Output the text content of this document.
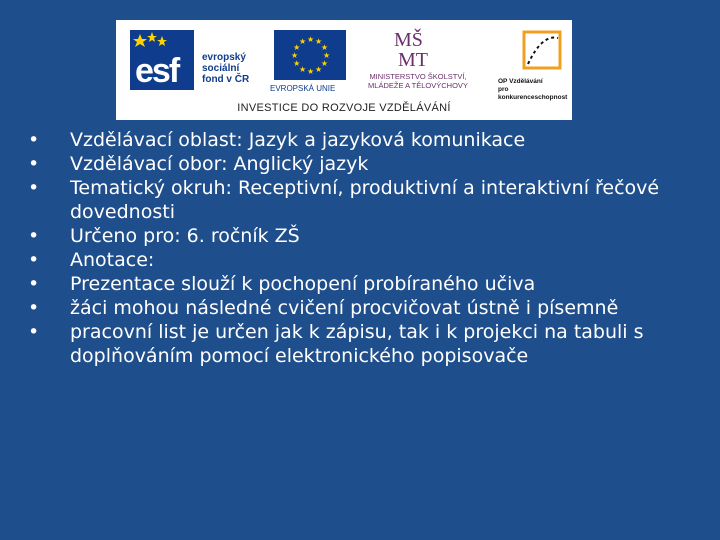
esf evropský
sociální
fond v ČR
★ ★
★
★
★
★
★
★
★
★
★
★
EVROPSKÁ UNIE
MŠ
MT
MINISTERSTVO ŠKOLSTVÍ,
MLÁDEŽE A TĚLOVÝCHOVY	OP Vzdělávání
pro konkurenceschopnost
INVESTICE DO ROZVOJE VZDĚLÁVÁNÍ
•	Vzdělávací oblast: Jazyk a jazyková komunikace
•	Vzdělávací obor: Anglický jazyk
•	Tematický okruh: Receptivní, produktivní a interaktivní řečové dovednosti
•	Určeno pro: 6. ročník ZŠ
•	Anotace:
•	Prezentace slouží k pochopení probíraného učiva
•	žáci mohou následné cvičení procvičovat ústně i písemně
•	pracovní list je určen jak k zápisu, tak i k projekci na tabuli s doplňováním pomocí elektronického popisovače
